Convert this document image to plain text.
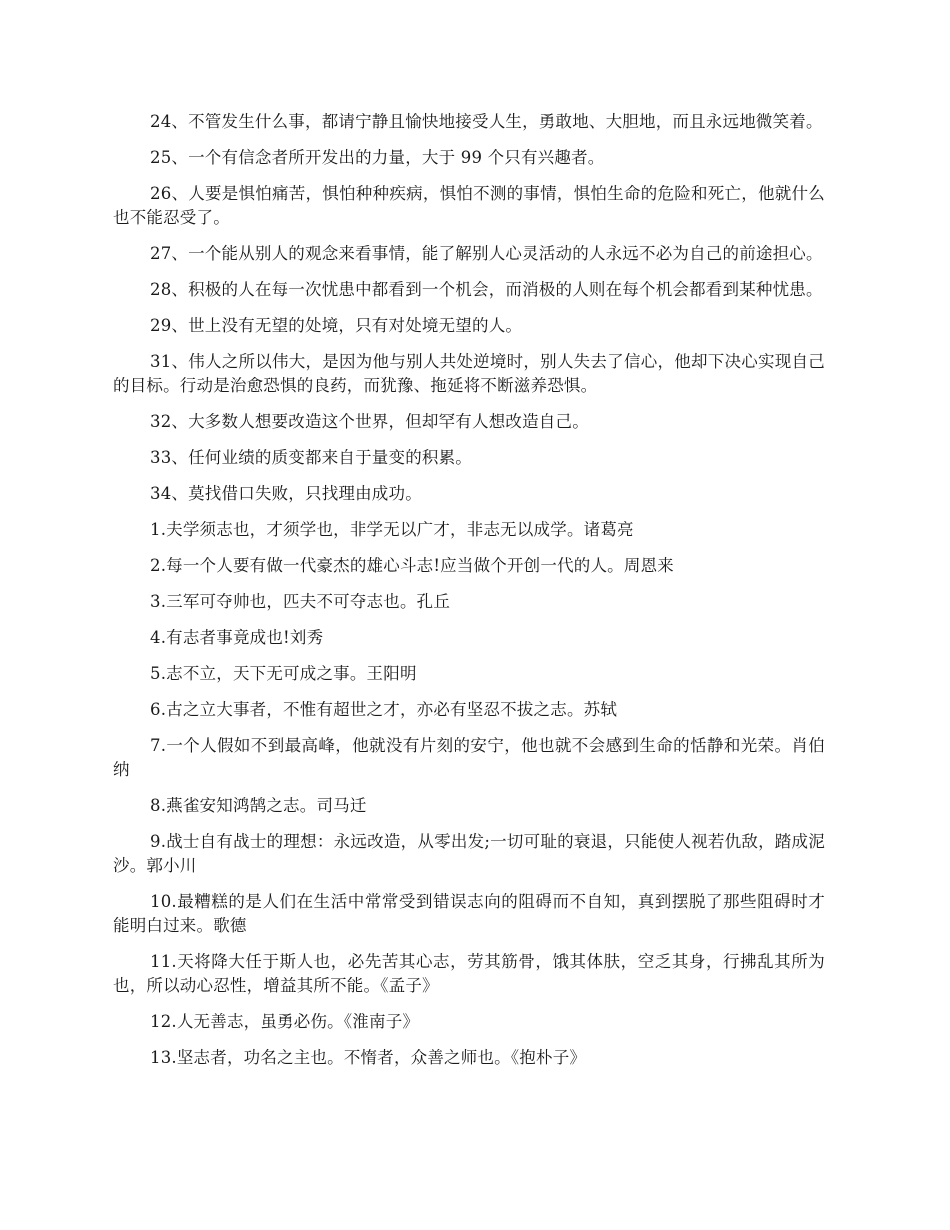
24、不管发生什么事，都请宁静且愉快地接受人生，勇敢地、大胆地，而且永远地微笑着。

25、一个有信念者所开发出的力量，大于 99 个只有兴趣者。

26、人要是惧怕痛苦，惧怕种种疾病，惧怕不测的事情，惧怕生命的危险和死亡，他就什么也不能忍受了。

27、一个能从别人的观念来看事情，能了解别人心灵活动的人永远不必为自己的前途担心。

28、积极的人在每一次忧患中都看到一个机会，而消极的人则在每个机会都看到某种忧患。

29、世上没有无望的处境，只有对处境无望的人。

31、伟人之所以伟大，是因为他与别人共处逆境时，别人失去了信心，他却下决心实现自己的目标。行动是治愈恐惧的良药，而犹豫、拖延将不断滋养恐惧。

32、大多数人想要改造这个世界，但却罕有人想改造自己。

33、任何业绩的质变都来自于量变的积累。

34、莫找借口失败，只找理由成功。

1.夫学须志也，才须学也，非学无以广才，非志无以成学。诸葛亮

2.每一个人要有做一代豪杰的雄心斗志!应当做个开创一代的人。周恩来

3.三军可夺帅也，匹夫不可夺志也。孔丘

4.有志者事竟成也!刘秀

5.志不立，天下无可成之事。王阳明

6.古之立大事者，不惟有超世之才，亦必有坚忍不拔之志。苏轼

7.一个人假如不到最高峰，他就没有片刻的安宁，他也就不会感到生命的恬静和光荣。肖伯纳

8.燕雀安知鸿鹄之志。司马迁

9.战士自有战士的理想：永远改造，从零出发;一切可耻的衰退，只能使人视若仇敌，踏成泥沙。郭小川

10.最糟糕的是人们在生活中常常受到错误志向的阻碍而不自知，真到摆脱了那些阻碍时才能明白过来。歌德

11.天将降大任于斯人也，必先苦其心志，劳其筋骨，饿其体肤，空乏其身，行拂乱其所为也，所以动心忍性，增益其所不能。《孟子》

12.人无善志，虽勇必伤。《淮南子》

13.坚志者，功名之主也。不惰者，众善之师也。《抱朴子》
